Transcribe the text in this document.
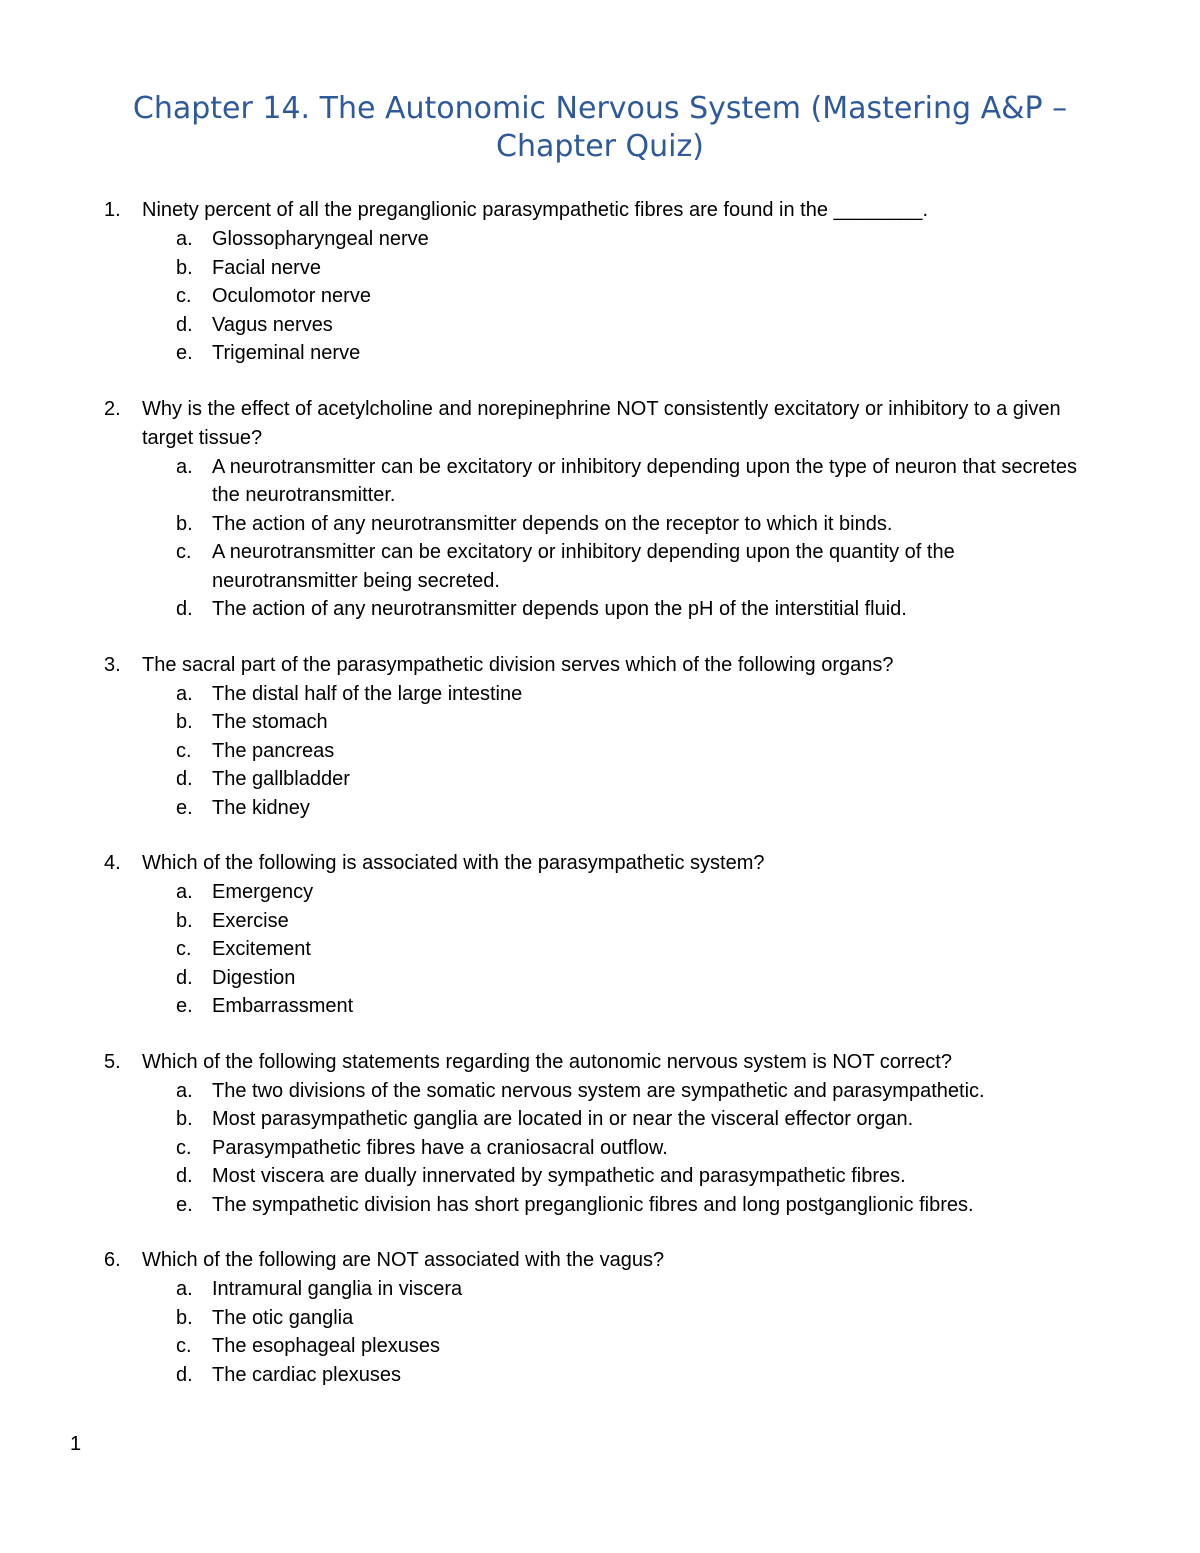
Chapter 14. The Autonomic Nervous System (Mastering A&P – Chapter Quiz)
1.	Ninety percent of all the preganglionic parasympathetic fibres are found in the ________.
a. Glossopharyngeal nerve
b. Facial nerve
c.	Oculomotor nerve
d. Vagus nerves
e. Trigeminal nerve
2.	Why is the effect of acetylcholine and norepinephrine NOT consistently excitatory or inhibitory to a given target tissue?
a. A neurotransmitter can be excitatory or inhibitory depending upon the type of neuron that secretes the neurotransmitter.
b. The action of any neurotransmitter depends on the receptor to which it binds.
c.	A neurotransmitter can be excitatory or inhibitory depending upon the quantity of the neurotransmitter being secreted.
d. The action of any neurotransmitter depends upon the pH of the interstitial fluid.
3.	The sacral part of the parasympathetic division serves which of the following organs?
a. The distal half of the large intestine
b. The stomach
c.	The pancreas
d. The gallbladder
e. The kidney
4.	Which of the following is associated with the parasympathetic system?
a. Emergency
b. Exercise
c.	Excitement
d. Digestion
e. Embarrassment
5.	Which of the following statements regarding the autonomic nervous system is NOT correct?
a. The two divisions of the somatic nervous system are sympathetic and parasympathetic.
b. Most parasympathetic ganglia are located in or near the visceral effector organ.
c.	Parasympathetic fibres have a craniosacral outflow.
d. Most viscera are dually innervated by sympathetic and parasympathetic fibres.
e. The sympathetic division has short preganglionic fibres and long postganglionic fibres.
6.	Which of the following are NOT associated with the vagus?
a. Intramural ganglia in viscera
b. The otic ganglia
c.	The esophageal plexuses
d. The cardiac plexuses
1
